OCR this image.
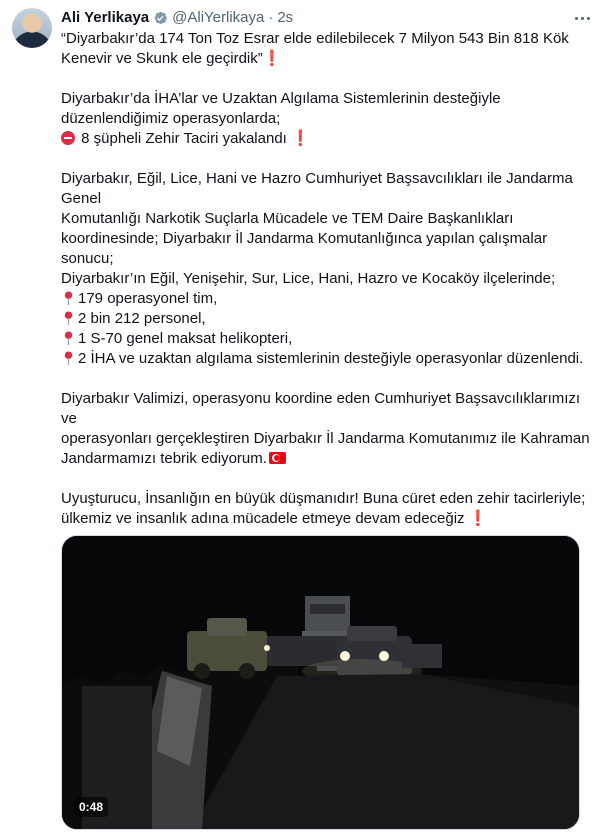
Ali Yerlikaya @AliYerlikaya · 2s

“Diyarbakır’da 174 Ton Toz Esrar elde edilebilecek 7 Milyon 543 Bin 818 Kök

Kenevir ve Skunk ele geçirdik”❗

Diyarbakır’da İHA’lar ve Uzaktan Algılama Sistemlerinin desteğiyle

düzenlendiğimiz operasyonlarda;

8 şüpheli Zehir Taciri yakalandı ❗

Diyarbakır, Eğil, Lice, Hani ve Hazro Cumhuriyet Başsavcılıkları ile Jandarma Genel

Komutanlığı Narkotik Suçlarla Mücadele ve TEM Daire Başkanlıkları

koordinesinde; Diyarbakır İl Jandarma Komutanlığınca yapılan çalışmalar sonucu;

Diyarbakır’ın Eğil, Yenişehir, Sur, Lice, Hani, Hazro ve Kocaköy ilçelerinde;

179 operasyonel tim,

2 bin 212 personel,

1 S-70 genel maksat helikopteri,

2 İHA ve uzaktan algılama sistemlerinin desteğiyle operasyonlar düzenlendi.

Diyarbakır Valimizi, operasyonu koordine eden Cumhuriyet Başsavcılıklarımızı ve

operasyonları gerçekleştiren Diyarbakır İl Jandarma Komutanımız ile Kahraman

Jandarmamızı tebrik ediyorum.

Uyuşturucu, İnsanlığın en büyük düşmanıdır! Buna cüret eden zehir tacirleriyle;

ülkemiz ve insanlık adına mücadele etmeye devam edeceğiz ❗

0:48
